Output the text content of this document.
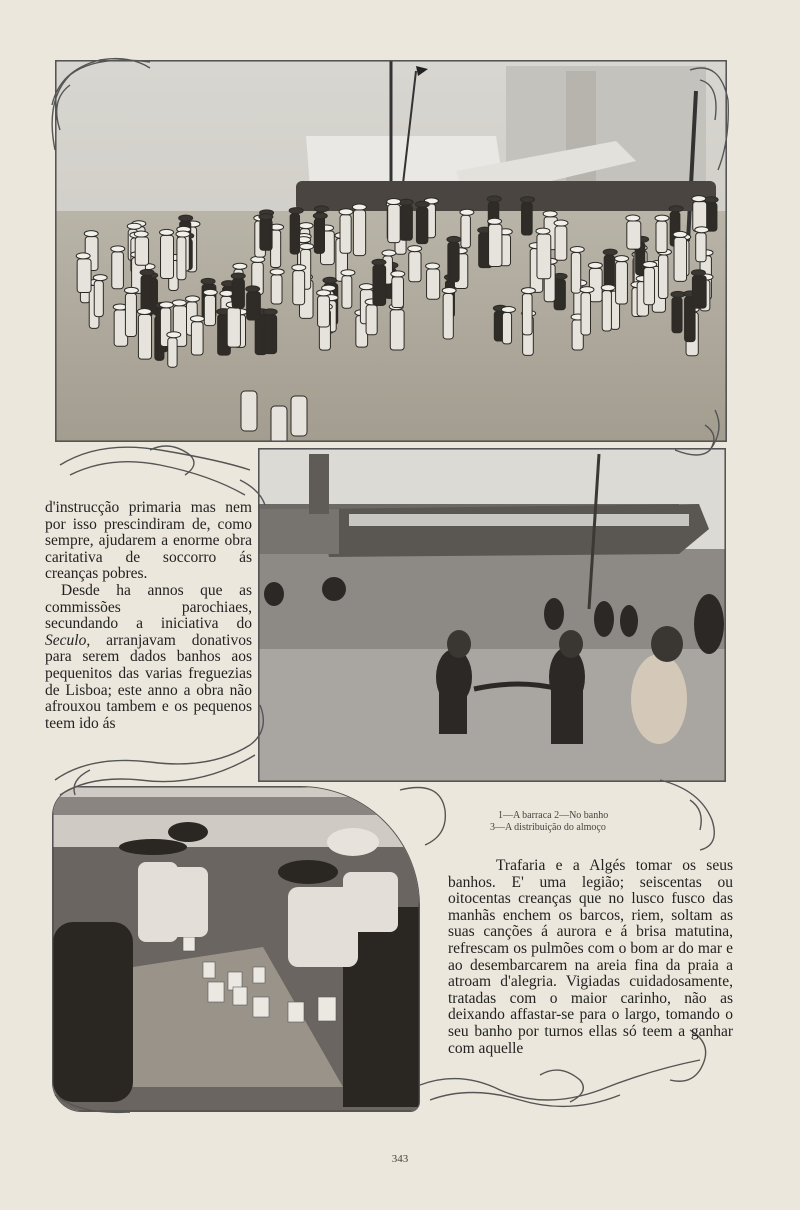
d'instrucção primaria mas nem por isso prescindiram de, como sempre, ajudarem a enorme obra caritativa de soccorro ás creanças pobres.

Desde ha annos que as commissões parochiaes, secundando a iniciativa do Seculo, arranjavam donativos para serem dados banhos aos pequenitos das varias freguezias de Lisboa; este anno a obra não afrouxou tambem e os pequenos teem ido ás

1—A barraca 2—No banho
3—A distribuição do almoço

Trafaria e a Algés tomar os seus banhos. E' uma legião; seiscentas ou oitocentas creanças que no lusco fusco das manhãs enchem os barcos, riem, soltam as suas canções á aurora e á brisa matutina, refrescam os pulmões com o bom ar do mar e ao desembarcarem na areia fina da praia a atroam d'alegria. Vigiadas cuidadosamente, tratadas com o maior carinho, não as deixando affastar-se para o largo, tomando o seu banho por turnos ellas só teem a ganhar com aquelle

343
